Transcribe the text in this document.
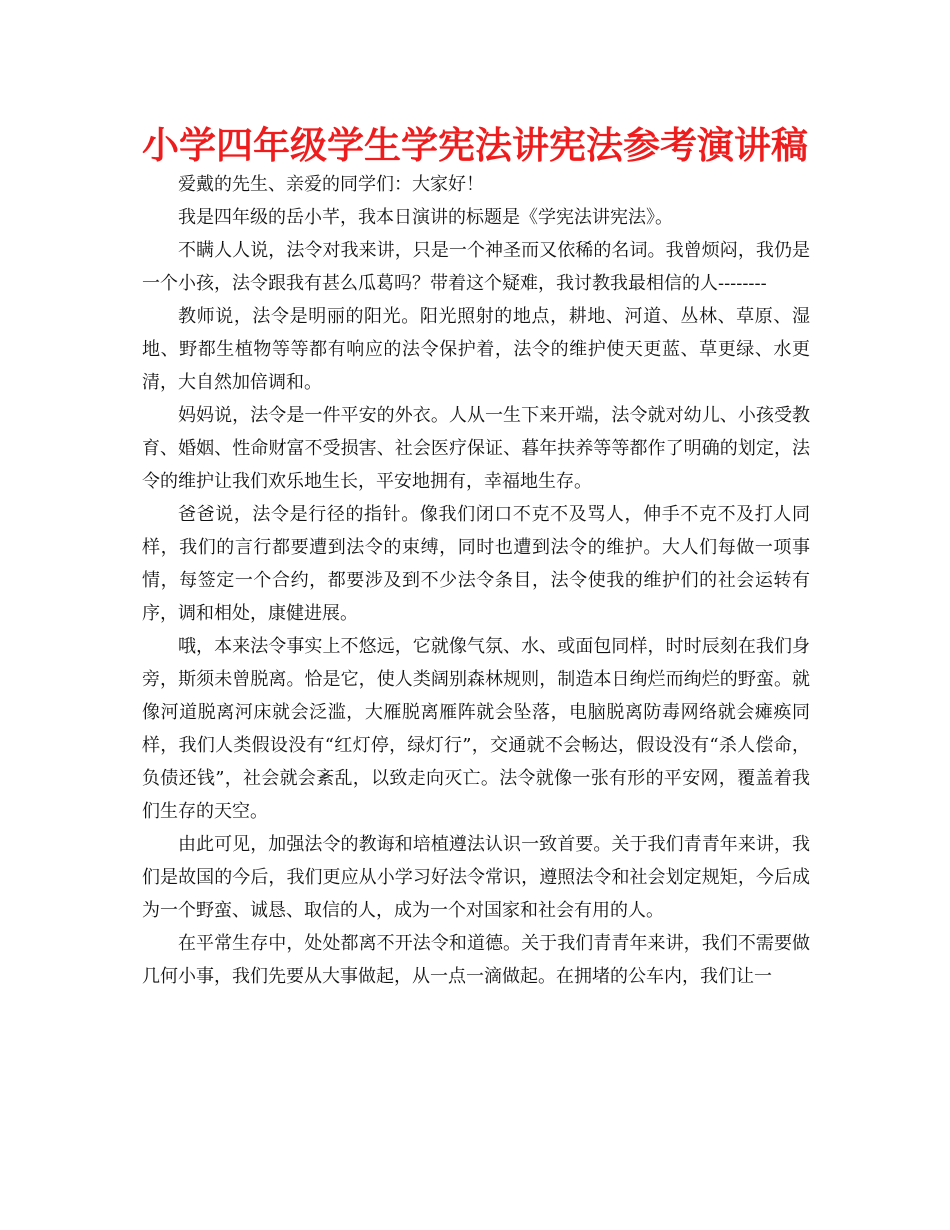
小学四年级学生学宪法讲宪法参考演讲稿

爱戴的先生、亲爱的同学们：大家好！

我是四年级的岳小芊，我本日演讲的标题是《学宪法讲宪法》。

不瞒人人说，法令对我来讲，只是一个神圣而又依稀的名词。我曾烦闷，我仍是一个小孩，法令跟我有甚么瓜葛吗？带着这个疑难，我讨教我最相信的人--------

教师说，法令是明丽的阳光。阳光照射的地点，耕地、河道、丛林、草原、湿地、野都生植物等等都有响应的法令保护着，法令的维护使天更蓝、草更绿、水更清，大自然加倍调和。

妈妈说，法令是一件平安的外衣。人从一生下来开端，法令就对幼儿、小孩受教育、婚姻、性命财富不受损害、社会医疗保证、暮年扶养等等都作了明确的划定，法令的维护让我们欢乐地生长，平安地拥有，幸福地生存。

爸爸说，法令是行径的指针。像我们闭口不克不及骂人，伸手不克不及打人同样，我们的言行都要遭到法令的束缚，同时也遭到法令的维护。大人们每做一项事情，每签定一个合约，都要涉及到不少法令条目，法令使我的维护们的社会运转有序，调和相处，康健进展。

哦，本来法令事实上不悠远，它就像气氛、水、或面包同样，时时辰刻在我们身旁，斯须未曾脱离。恰是它，使人类阔别森林规则，制造本日绚烂而绚烂的野蛮。就像河道脱离河床就会泛滥，大雁脱离雁阵就会坠落，电脑脱离防毒网络就会瘫痪同样，我们人类假设没有“红灯停，绿灯行”，交通就不会畅达，假设没有“杀人偿命，负债还钱”，社会就会紊乱，以致走向灭亡。法令就像一张有形的平安网，覆盖着我们生存的天空。

由此可见，加强法令的教诲和培植遵法认识一致首要。关于我们青青年来讲，我们是故国的今后，我们更应从小学习好法令常识，遵照法令和社会划定规矩，今后成为一个野蛮、诚恳、取信的人，成为一个对国家和社会有用的人。

在平常生存中，处处都离不开法令和道德。关于我们青青年来讲，我们不需要做几何小事，我们先要从大事做起，从一点一滴做起。在拥堵的公车内，我们让一
